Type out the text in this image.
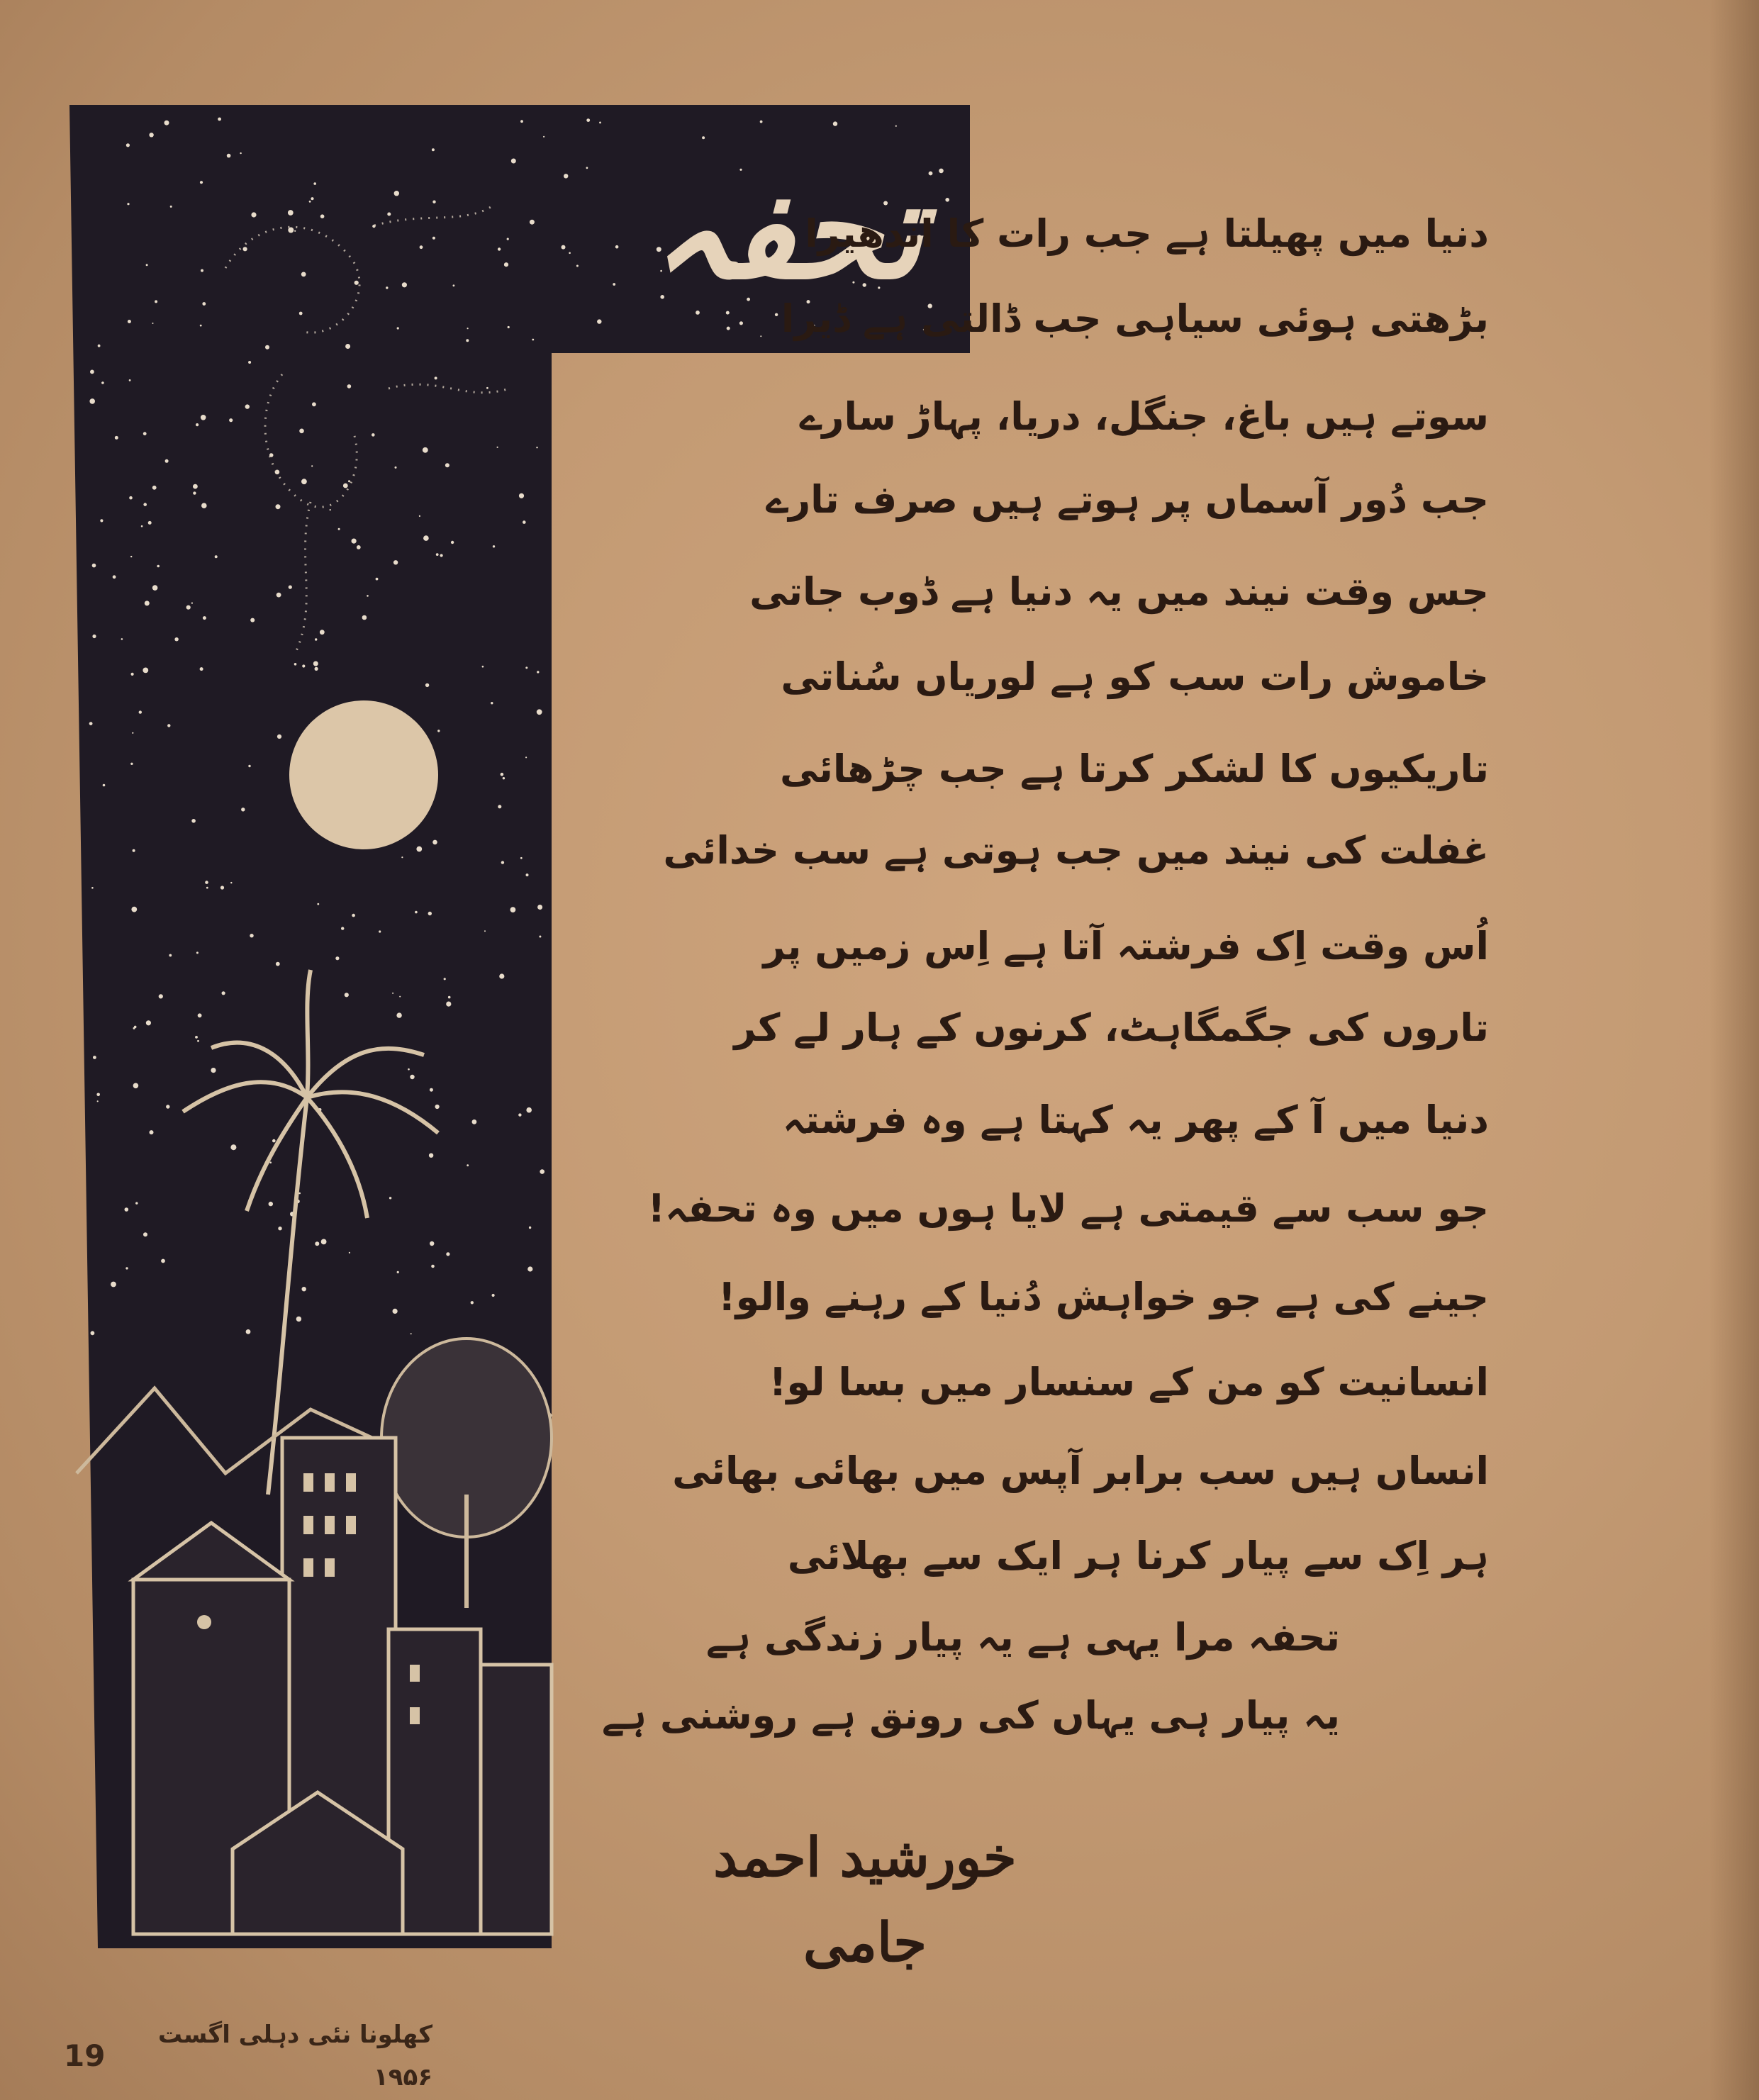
تحفہ
دنیا میں پھیلتا ہے جب رات کا اندھیرا
بڑھتی ہوئی سیاہی جب ڈالتی ہے ڈیرا
سوتے ہیں باغ، جنگل، دریا، پہاڑ سارے
جب دُور آسماں پر ہوتے ہیں صرف تارے
جس وقت نیند میں یہ دنیا ہے ڈوب جاتی
خاموش رات سب کو ہے لوریاں سُناتی
تاریکیوں کا لشکر کرتا ہے جب چڑھائی
غفلت کی نیند میں جب ہوتی ہے سب خدائی
اُس وقت اِک فرشتہ آتا ہے اِس زمیں پر
تاروں کی جگمگاہٹ، کرنوں کے ہار لے کر
دنیا میں آ کے پھر یہ کہتا ہے وہ فرشتہ
جو سب سے قیمتی ہے لایا ہوں میں وہ تحفہ!
جینے کی ہے جو خواہش دُنیا کے رہنے والو!
انسانیت کو من کے سنسار میں بسا لو!
انساں ہیں سب برابر آپس میں بھائی بھائی
ہر اِک سے پیار کرنا ہر ایک سے بھلائی
تحفہ مرا یہی ہے یہ پیار زندگی ہے
یہ پیار ہی یہاں کی رونق ہے روشنی ہے
خورشید احمد جامی
19
کھلونا نئی دہلی اگست ۱۹۵۶
